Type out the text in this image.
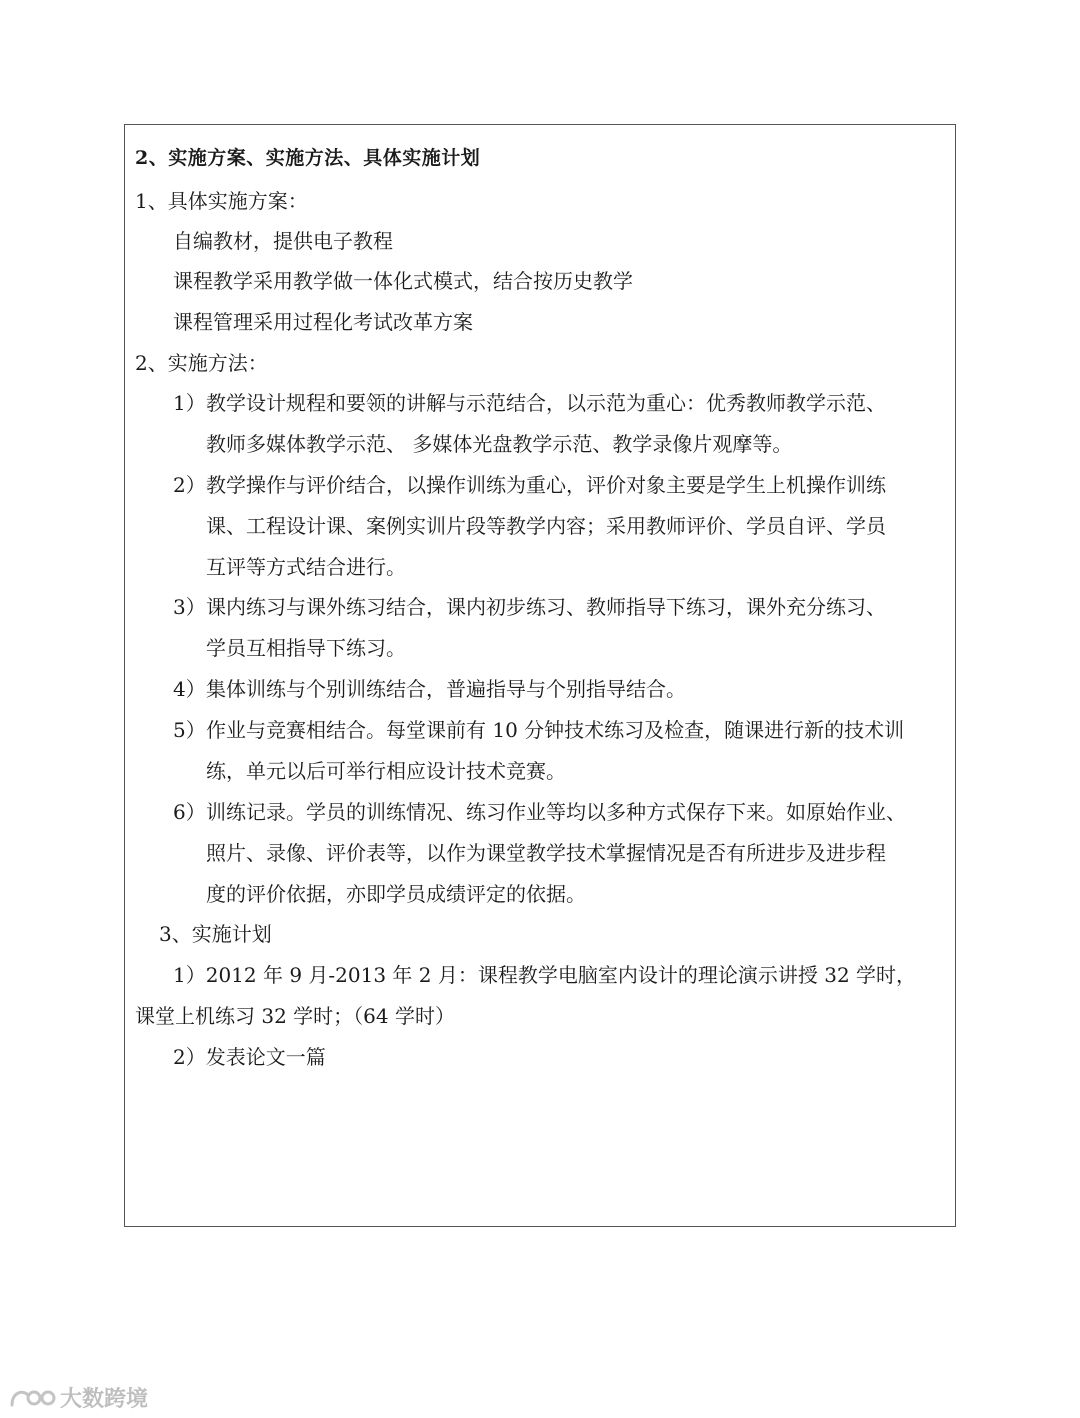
2、实施方案、实施方法、具体实施计划
1、具体实施方案：
自编教材，提供电子教程
课程教学采用教学做一体化式模式，结合按历史教学
课程管理采用过程化考试改革方案
2、实施方法：
1） 教学设计规程和要领的讲解与示范结合，以示范为重心：优秀教师教学示范、
教师多媒体教学示范、 多媒体光盘教学示范、教学录像片观摩等。
2） 教学操作与评价结合，以操作训练为重心，评价对象主要是学生上机操作训练
课、工程设计课、案例实训片段等教学内容；采用教师评价、学员自评、学员
互评等方式结合进行。
3） 课内练习与课外练习结合，课内初步练习、教师指导下练习，课外充分练习、
学员互相指导下练习。
4） 集体训练与个别训练结合，普遍指导与个别指导结合。
5） 作业与竞赛相结合。每堂课前有 10 分钟技术练习及检查，随课进行新的技术训
练，单元以后可举行相应设计技术竞赛。
6） 训练记录。学员的训练情况、练习作业等均以多种方式保存下来。如原始作业、
照片、录像、评价表等，以作为课堂教学技术掌握情况是否有所进步及进步程
度的评价依据，亦即学员成绩评定的依据。
3、实施计划
1）2012 年 9 月-2013 年 2 月：课程教学电脑室内设计的理论演示讲授 32 学时，
课堂上机练习 32 学时；（64 学时）
2）发表论文一篇
大数跨境
